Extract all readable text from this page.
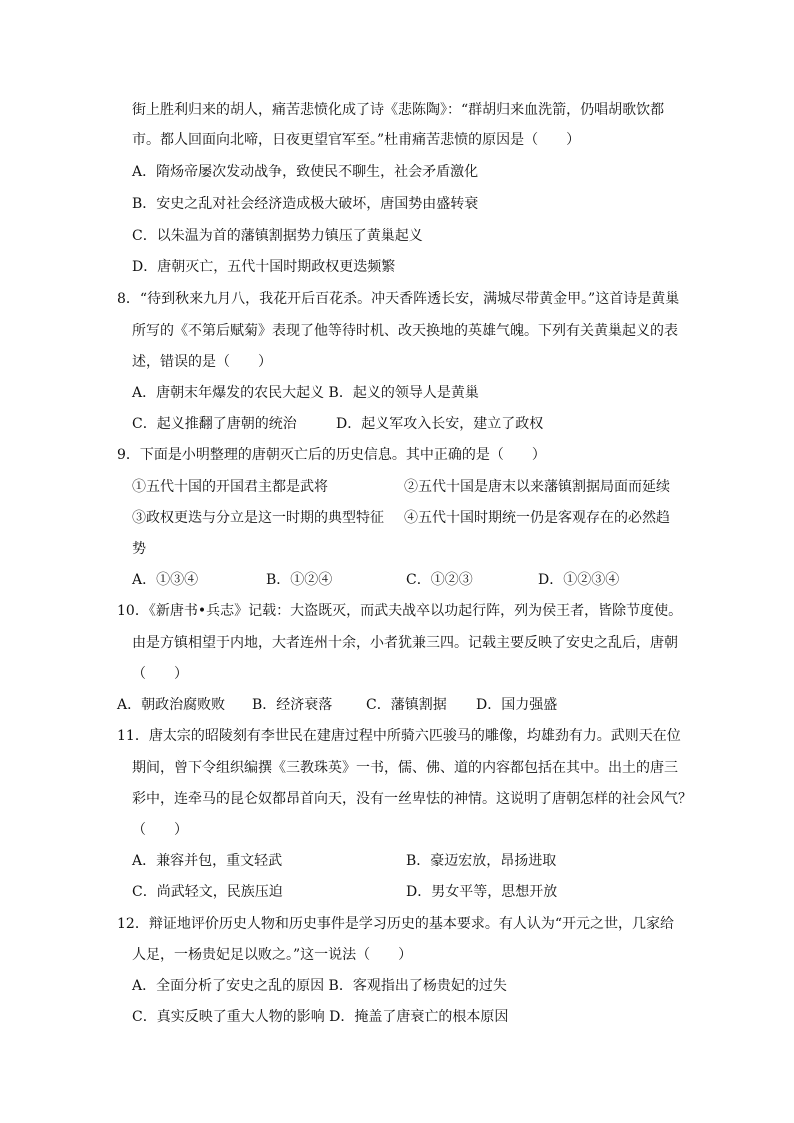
街上胜利归来的胡人，痛苦悲愤化成了诗《悲陈陶》：“群胡归来血洗箭，仍唱胡歌饮都
市。都人回面向北啼，日夜更望官军至。”杜甫痛苦悲愤的原因是（　　）
A．隋炀帝屡次发动战争，致使民不聊生，社会矛盾激化
B．安史之乱对社会经济造成极大破坏，唐国势由盛转衰
C．以朱温为首的藩镇割据势力镇压了黄巢起义
D．唐朝灭亡，五代十国时期政权更迭频繁
8．“待到秋来九月八，我花开后百花杀。冲天香阵透长安，满城尽带黄金甲。”这首诗是黄巢
所写的《不第后赋菊》表现了他等待时机、改天换地的英雄气魄。下列有关黄巢起义的表
述，错误的是（　　）
A．唐朝末年爆发的农民大起义 B．起义的领导人是黄巢
C．起义推翻了唐朝的统治	D．起义军攻入长安，建立了政权
9．下面是小明整理的唐朝灭亡后的历史信息。其中正确的是（　　）
①五代十国的开国君主都是武将	②五代十国是唐末以来藩镇割据局面而延续
③政权更迭与分立是这一时期的典型特征 ④五代十国时期统一仍是客观存在的必然趋
势
A．①③④	B．①②④	C．①②③	D．①②③④
10．《新唐书•兵志》记载：大盗既灭，而武夫战卒以功起行阵，列为侯王者，皆除节度使。
由是方镇相望于内地，大者连州十余，小者犹兼三四。记载主要反映了安史之乱后，唐朝
（　　）
A．朝政治腐败败 B．经济衰落 C．藩镇割据 D．国力强盛
11．唐太宗的昭陵刻有李世民在建唐过程中所骑六匹骏马的雕像，均雄劲有力。武则天在位
期间，曾下令组织编撰《三教珠英》一书，儒、佛、道的内容都包括在其中。出土的唐三
彩中，连牵马的昆仑奴都昂首向天，没有一丝卑怯的神情。这说明了唐朝怎样的社会风气？
（　　）
A．兼容并包，重文轻武	B．豪迈宏放，昂扬进取
C．尚武轻文，民族压迫	D．男女平等，思想开放
12．辩证地评价历史人物和历史事件是学习历史的基本要求。有人认为“开元之世，几家给
人足，一杨贵妃足以败之。”这一说法（　　）
A．全面分析了安史之乱的原因 B．客观指出了杨贵妃的过失
C．真实反映了重大人物的影响 D．掩盖了唐衰亡的根本原因
